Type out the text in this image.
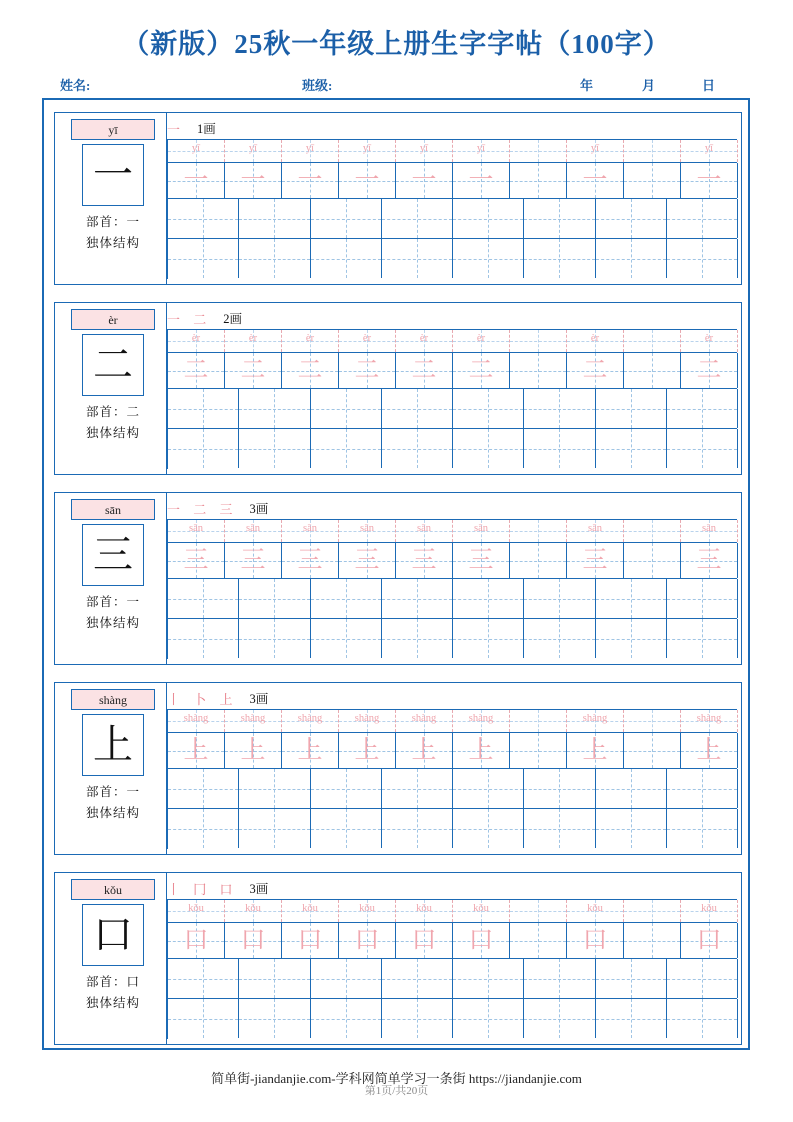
（新版）25秋一年级上册生字字帖（100字）
姓名:	班级:	年	月	日
yī
一
部首：一
独体结构
一 1画
yī	yī	yī	yī	yī	yī	yī	yī
一	一	一	一	一	一	一	一
èr
二
部首：二
独体结构
一 二 2画
èr	èr	èr	èr	èr	èr	èr	èr
二	二	二	二	二	二	二	二
sān
三
部首：一
独体结构
一 二 三 3画
sān	sān	sān	sān	sān	sān	sān	sān
三	三	三	三	三	三	三	三
shàng
上
部首：一
独体结构
丨 卜 上 3画
shàng	shàng	shàng	shàng	shàng	shàng	shàng	shàng
上	上	上	上	上	上	上	上
kǒu
口
部首：口
独体结构
丨 冂 口 3画
kǒu	kǒu	kǒu	kǒu	kǒu	kǒu	kǒu	kǒu
口	口	口	口	口	口	口	口
简单街-jiandanjie.com-学科网简单学习一条街 https://jiandanjie.com
第1页/共20页
